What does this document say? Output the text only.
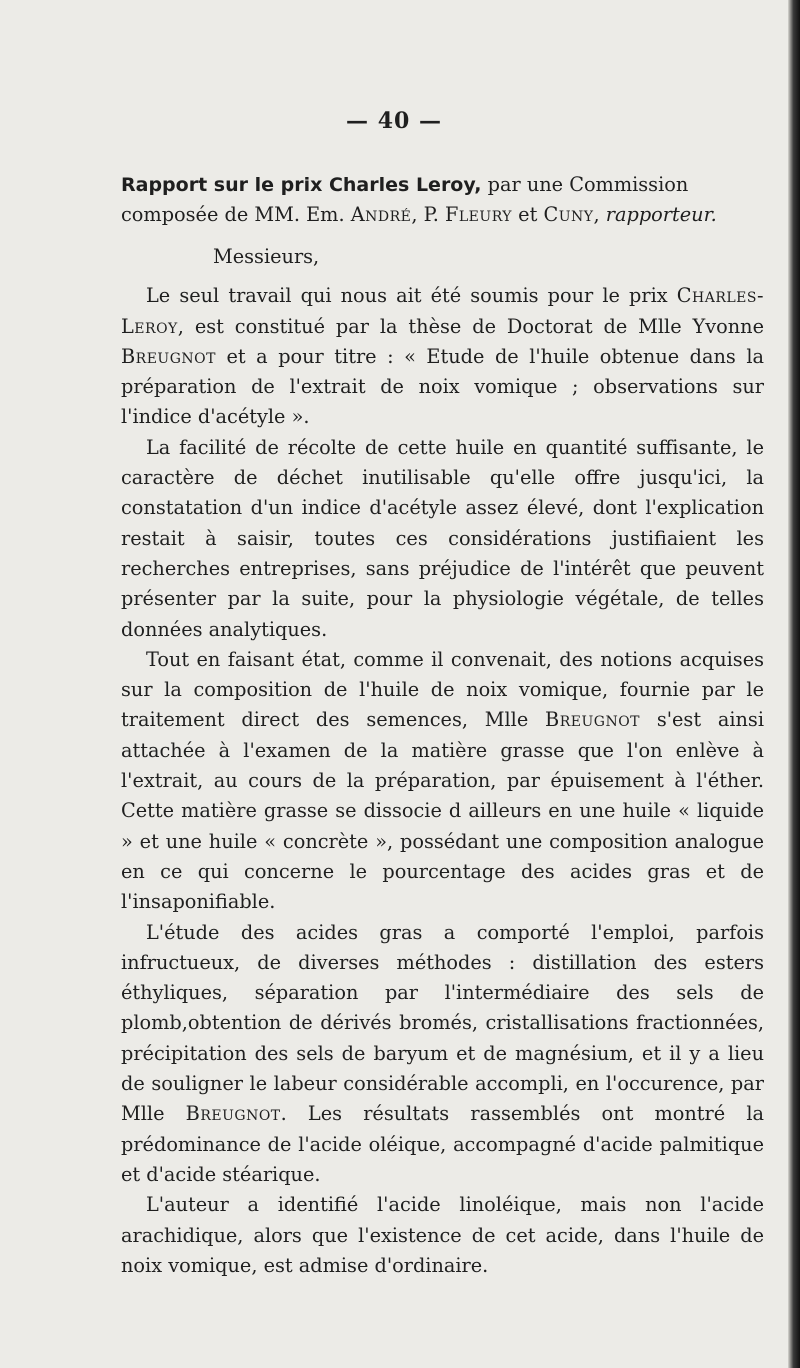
— 40 —

Rapport sur le prix Charles Leroy, par une Commission
composée de MM. Em. André, P. Fleury et Cuny, rapporteur.

Messieurs,

Le seul travail qui nous ait été soumis pour le prix Charles-Leroy, est constitué par la thèse de Doctorat de Mlle Yvonne Breugnot et a pour titre : « Etude de l'huile obtenue dans la préparation de l'extrait de noix vomique ; observations sur l'indice d'acétyle ».

La facilité de récolte de cette huile en quantité suffisante, le caractère de déchet inutilisable qu'elle offre jusqu'ici, la constatation d'un indice d'acétyle assez élevé, dont l'explication restait à saisir, toutes ces considérations justifiaient les recherches entreprises, sans préjudice de l'intérêt que peuvent présenter par la suite, pour la physiologie végétale, de telles données analytiques.

Tout en faisant état, comme il convenait, des notions acquises sur la composition de l'huile de noix vomique, fournie par le traitement direct des semences, Mlle Breugnot s'est ainsi attachée à l'examen de la matière grasse que l'on enlève à l'extrait, au cours de la préparation, par épuisement à l'éther. Cette matière grasse se dissocie d ailleurs en une huile « liquide » et une huile « concrète », possédant une composition analogue en ce qui concerne le pourcentage des acides gras et de l'insaponifiable.

L'étude des acides gras a comporté l'emploi, parfois infructueux, de diverses méthodes : distillation des esters éthyliques, séparation par l'intermédiaire des sels de plomb,obtention de dérivés bromés, cristallisations fractionnées, précipitation des sels de baryum et de magnésium, et il y a lieu de souligner le labeur considérable accompli, en l'occurence, par Mlle Breugnot. Les résultats rassemblés ont montré la prédominance de l'acide oléique, accompagné d'acide palmitique et d'acide stéarique.

L'auteur a identifié l'acide linoléique, mais non l'acide arachidique, alors que l'existence de cet acide, dans l'huile de noix vomique, est admise d'ordinaire.
